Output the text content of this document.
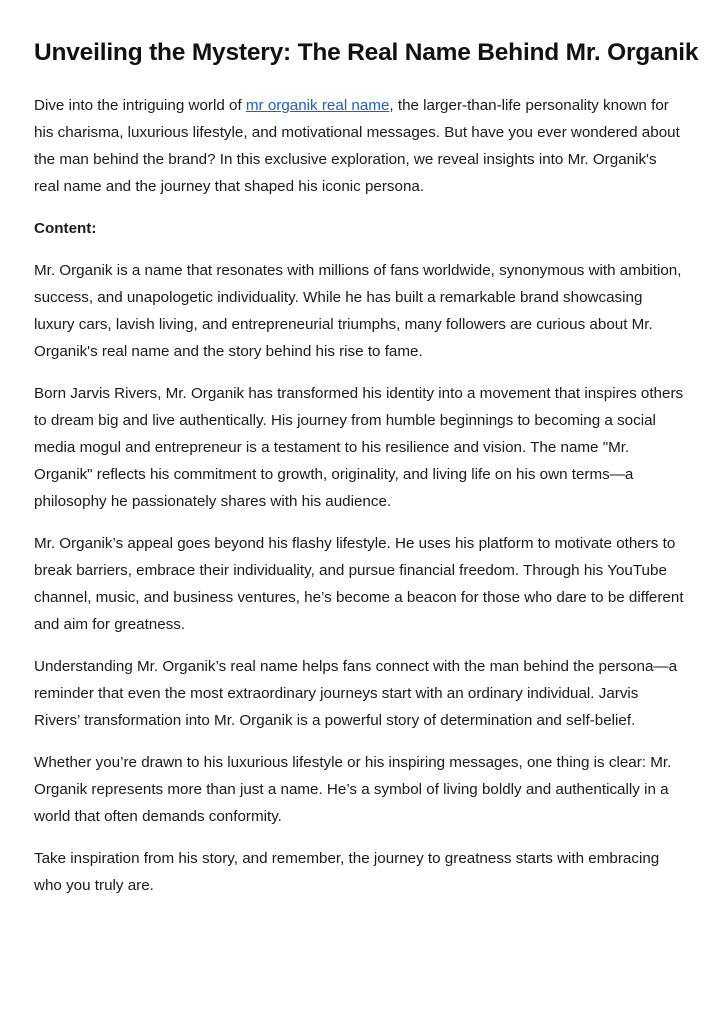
Unveiling the Mystery: The Real Name Behind Mr. Organik

Dive into the intriguing world of mr organik real name, the larger-than-life personality known for his charisma, luxurious lifestyle, and motivational messages. But have you ever wondered about the man behind the brand? In this exclusive exploration, we reveal insights into Mr. Organik's real name and the journey that shaped his iconic persona.

Content:

Mr. Organik is a name that resonates with millions of fans worldwide, synonymous with ambition, success, and unapologetic individuality. While he has built a remarkable brand showcasing luxury cars, lavish living, and entrepreneurial triumphs, many followers are curious about Mr. Organik's real name and the story behind his rise to fame.

Born Jarvis Rivers, Mr. Organik has transformed his identity into a movement that inspires others to dream big and live authentically. His journey from humble beginnings to becoming a social media mogul and entrepreneur is a testament to his resilience and vision. The name "Mr. Organik" reflects his commitment to growth, originality, and living life on his own terms—a philosophy he passionately shares with his audience.

Mr. Organik’s appeal goes beyond his flashy lifestyle. He uses his platform to motivate others to break barriers, embrace their individuality, and pursue financial freedom. Through his YouTube channel, music, and business ventures, he’s become a beacon for those who dare to be different and aim for greatness.

Understanding Mr. Organik’s real name helps fans connect with the man behind the persona—a reminder that even the most extraordinary journeys start with an ordinary individual. Jarvis Rivers’ transformation into Mr. Organik is a powerful story of determination and self-belief.

Whether you’re drawn to his luxurious lifestyle or his inspiring messages, one thing is clear: Mr. Organik represents more than just a name. He’s a symbol of living boldly and authentically in a world that often demands conformity.

Take inspiration from his story, and remember, the journey to greatness starts with embracing who you truly are.
